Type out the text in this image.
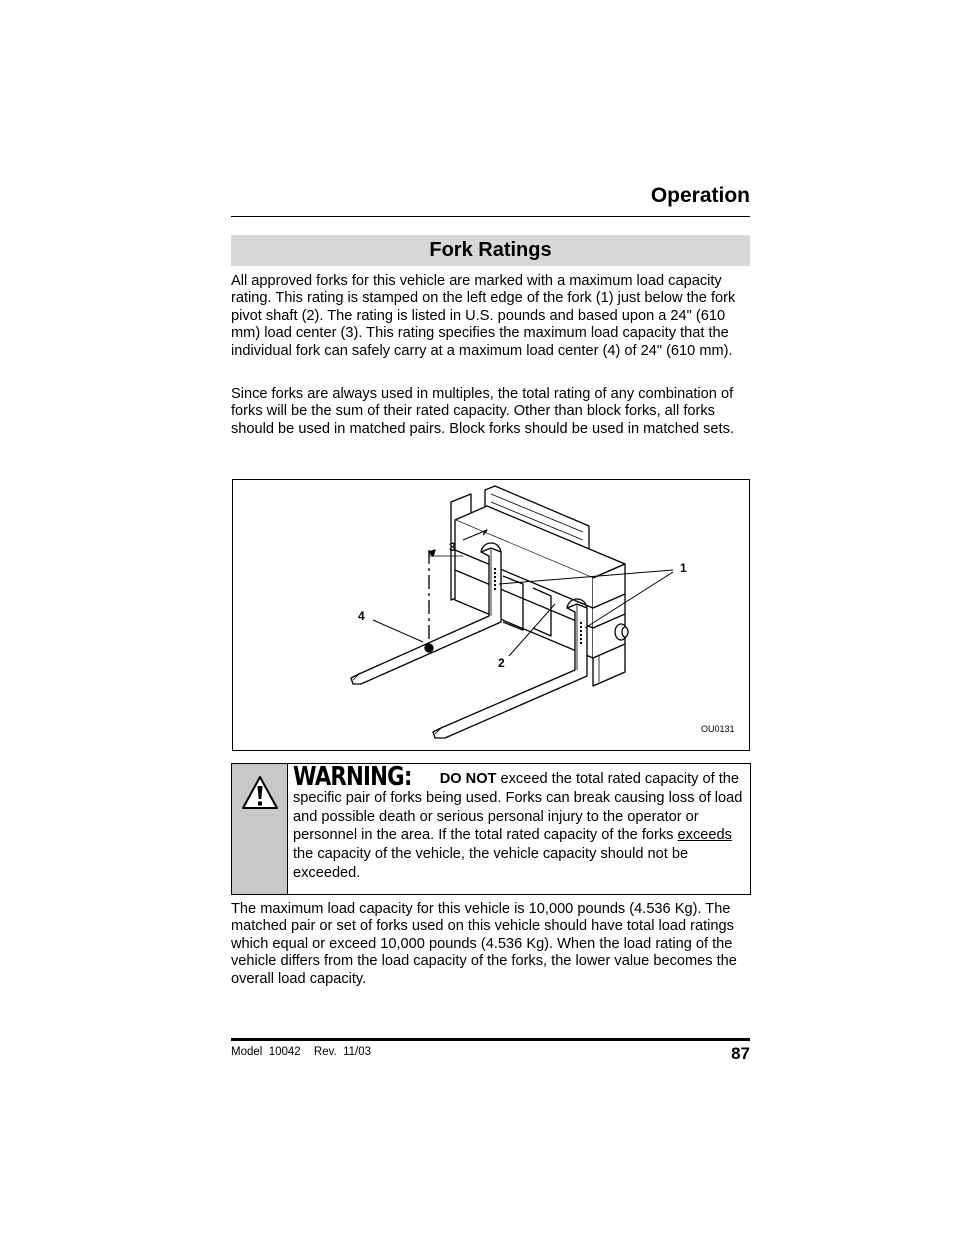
Operation
Fork Ratings

All approved forks for this vehicle are marked with a maximum load capacity rating. This rating is stamped on the left edge of the fork (1) just below the fork pivot shaft (2). The rating is listed in U.S. pounds and based upon a 24" (610 mm) load center (3). This rating specifies the maximum load capacity that the individual fork can safely carry at a maximum load center (4) of 24" (610 mm).

Since forks are always used in multiples, the total rating of any combination of forks will be the sum of their rated capacity. Other than block forks, all forks should be used in matched pairs. Block forks should be used in matched sets.

3
1
4
2
OU0131
WARNING: DO NOT exceed the total rated capacity of the specific pair of forks being used. Forks can break causing loss of load and possible death or serious personal injury to the operator or personnel in the area. If the total rated capacity of the forks exceeds the capacity of the vehicle, the vehicle capacity should not be exceeded.

The maximum load capacity for this vehicle is 10,000 pounds (4.536 Kg). The matched pair or set of forks used on this vehicle should have total load ratings which equal or exceed 10,000 pounds (4.536 Kg). When the load rating of the vehicle differs from the load capacity of the forks, the lower value becomes the overall load capacity.

Model  10042 Rev.  11/03	87
